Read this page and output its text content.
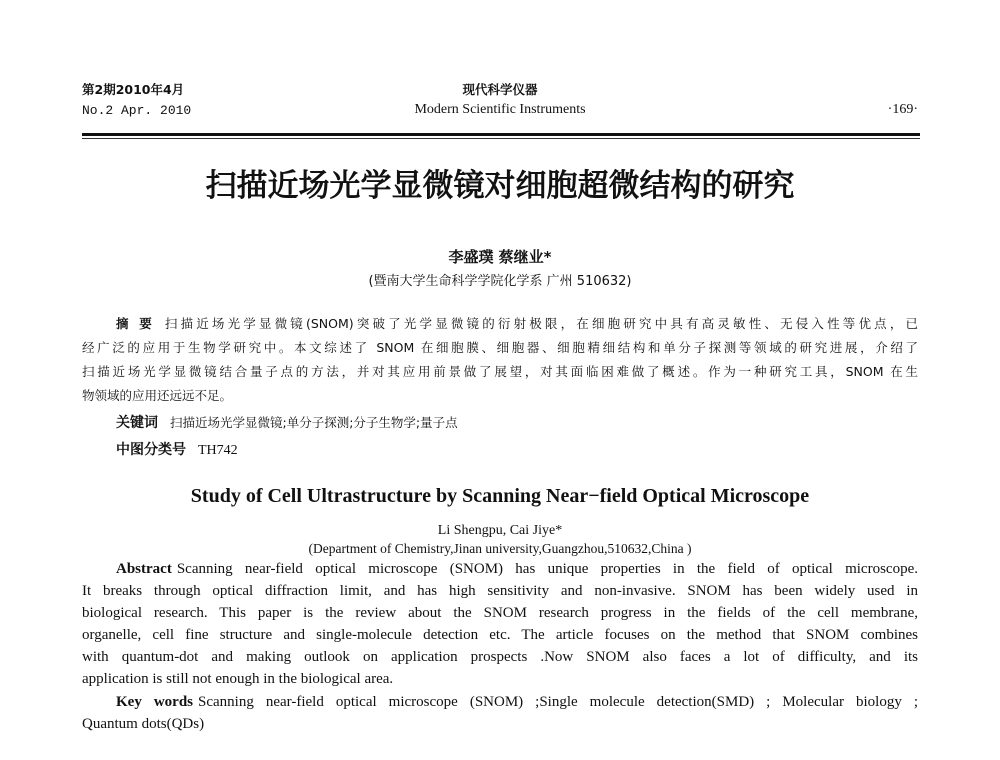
第2期2010年4月
No.2 Apr. 2010
现代科学仪器
Modern Scientific Instruments	·169·
扫描近场光学显微镜对细胞超微结构的研究
李盛璞 蔡继业*
(暨南大学生命科学学院化学系 广州 510632)
摘 要 扫描近场光学显微镜(SNOM)突破了光学显微镜的衍射极限，在细胞研究中具有高灵敏性、无侵入性等优点，已
经广泛的应用于生物学研究中。本文综述了 SNOM 在细胞膜、细胞器、细胞精细结构和单分子探测等领域的研究进展，介绍了
扫描近场光学显微镜结合量子点的方法，并对其应用前景做了展望，对其面临困难做了概述。作为一种研究工具，SNOM 在生
物领域的应用还远远不足。
关键词 扫描近场光学显微镜;单分子探测;分子生物学;量子点
中图分类号 TH742
Study of Cell Ultrastructure by Scanning Near−field Optical Microscope
Li Shengpu, Cai Jiye*
(Department of Chemistry,Jinan university,Guangzhou,510632,China )
Abstract Scanning near-field optical microscope (SNOM) has unique properties in the field of optical microscope.
It breaks through optical diffraction limit, and has high sensitivity and non-invasive. SNOM has been widely used in
biological research. This paper is the review about the SNOM research progress in the fields of the cell membrane,
organelle, cell fine structure and single-molecule detection etc. The article focuses on the method that SNOM combines
with quantum-dot and making outlook on application prospects .Now SNOM also faces a lot of difficulty, and its
application is still not enough in the biological area.
Key words Scanning near-field optical microscope (SNOM) ;Single molecule detection(SMD) ; Molecular biology ;
Quantum dots(QDs)
